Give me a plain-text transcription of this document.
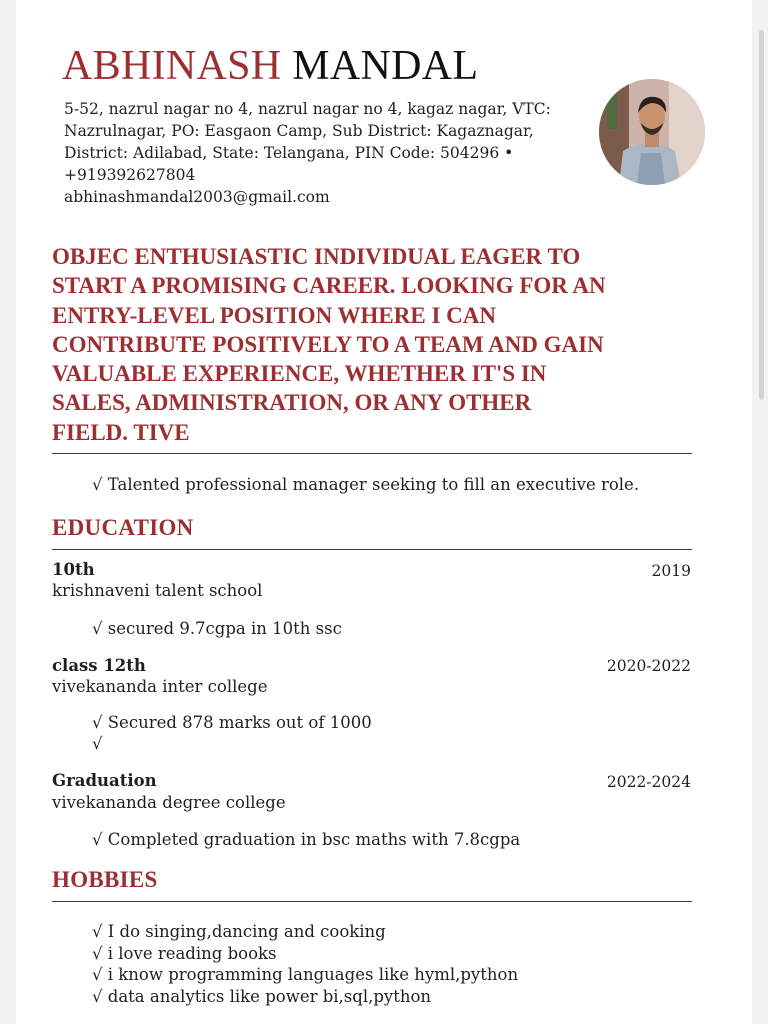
ABHINASH MANDAL
5-52, nazrul nagar no 4, nazrul nagar no 4, kagaz nagar, VTC:
Nazrulnagar, PO: Easgaon Camp, Sub District: Kagaznagar,
District: Adilabad, State: Telangana, PIN Code: 504296 •
+919392627804
abhinashmandal2003@gmail.com
OBJEC ENTHUSIASTIC INDIVIDUAL EAGER TO
START A PROMISING CAREER. LOOKING FOR AN
ENTRY-LEVEL POSITION WHERE I CAN
CONTRIBUTE POSITIVELY TO A TEAM AND GAIN
VALUABLE EXPERIENCE, WHETHER IT'S IN
SALES, ADMINISTRATION, OR ANY OTHER
FIELD. TIVE
√ Talented professional manager seeking to fill an executive role.
EDUCATION
10th	2019
krishnaveni talent school
√ secured 9.7cgpa in 10th ssc
class 12th	2020-2022
vivekananda inter college
√ Secured 878 marks out of 1000
√
Graduation	2022-2024
vivekananda degree college
√ Completed graduation in bsc maths with 7.8cgpa
HOBBIES
√ I do singing,dancing and cooking
√ i love reading books
√ i know programming languages like hyml,python
√ data analytics like power bi,sql,python
